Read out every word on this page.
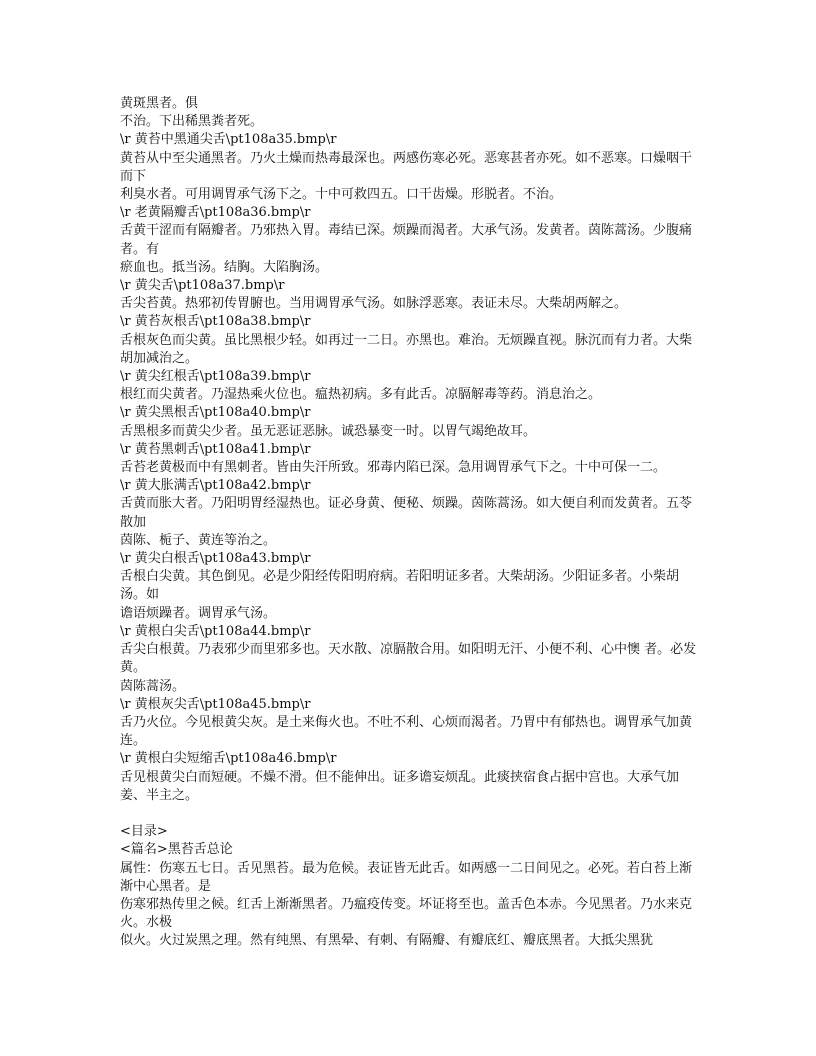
黄斑黑者。俱

不治。下出稀黑粪者死。

\r 黄苔中黑通尖舌\pt108a35.bmp\r

黄苔从中至尖通黑者。乃火土燥而热毒最深也。两感伤寒必死。恶寒甚者亦死。如不恶寒。口燥咽干而下

利臭水者。可用调胃承气汤下之。十中可救四五。口干齿燥。形脱者。不治。

\r 老黄隔瓣舌\pt108a36.bmp\r

舌黄干涩而有隔瓣者。乃邪热入胃。毒结已深。烦躁而渴者。大承气汤。发黄者。茵陈蒿汤。少腹痛者。有

瘀血也。抵当汤。结胸。大陷胸汤。

\r 黄尖舌\pt108a37.bmp\r

舌尖苔黄。热邪初传胃腑也。当用调胃承气汤。如脉浮恶寒。表证未尽。大柴胡两解之。

\r 黄苔灰根舌\pt108a38.bmp\r

舌根灰色而尖黄。虽比黑根少轻。如再过一二日。亦黑也。难治。无烦躁直视。脉沉而有力者。大柴胡加减治之。

\r 黄尖红根舌\pt108a39.bmp\r

根红而尖黄者。乃湿热乘火位也。瘟热初病。多有此舌。凉膈解毒等药。消息治之。

\r 黄尖黑根舌\pt108a40.bmp\r

舌黑根多而黄尖少者。虽无恶证恶脉。诚恐暴变一时。以胃气竭绝故耳。

\r 黄苔黑刺舌\pt108a41.bmp\r

舌苔老黄极而中有黑刺者。皆由失汗所致。邪毒内陷已深。急用调胃承气下之。十中可保一二。

\r 黄大胀满舌\pt108a42.bmp\r

舌黄而胀大者。乃阳明胃经湿热也。证必身黄、便秘、烦躁。茵陈蒿汤。如大便自利而发黄者。五苓散加

茵陈、栀子、黄连等治之。

\r 黄尖白根舌\pt108a43.bmp\r

舌根白尖黄。其色倒见。必是少阳经传阳明府病。若阳明证多者。大柴胡汤。少阳证多者。小柴胡汤。如

谵语烦躁者。调胃承气汤。

\r 黄根白尖舌\pt108a44.bmp\r

舌尖白根黄。乃表邪少而里邪多也。天水散、凉膈散合用。如阳明无汗、小便不利、心中懊 者。必发黄。

茵陈蒿汤。

\r 黄根灰尖舌\pt108a45.bmp\r

舌乃火位。今见根黄尖灰。是土来侮火也。不吐不利、心烦而渴者。乃胃中有郁热也。调胃承气加黄连。

\r 黄根白尖短缩舌\pt108a46.bmp\r

舌见根黄尖白而短硬。不燥不滑。但不能伸出。证多谵妄烦乱。此痰挟宿食占据中宫也。大承气加姜、半主之。

<目录>

<篇名>黑苔舌总论

属性：伤寒五七日。舌见黑苔。最为危候。表证皆无此舌。如两感一二日间见之。必死。若白苔上渐渐中心黑者。是

伤寒邪热传里之候。红舌上渐渐黑者。乃瘟疫传变。坏证将至也。盖舌色本赤。今见黑者。乃水来克火。水极

似火。火过炭黑之理。然有纯黑、有黑晕、有刺、有隔瓣、有瓣底红、瓣底黑者。大抵尖黑犹
